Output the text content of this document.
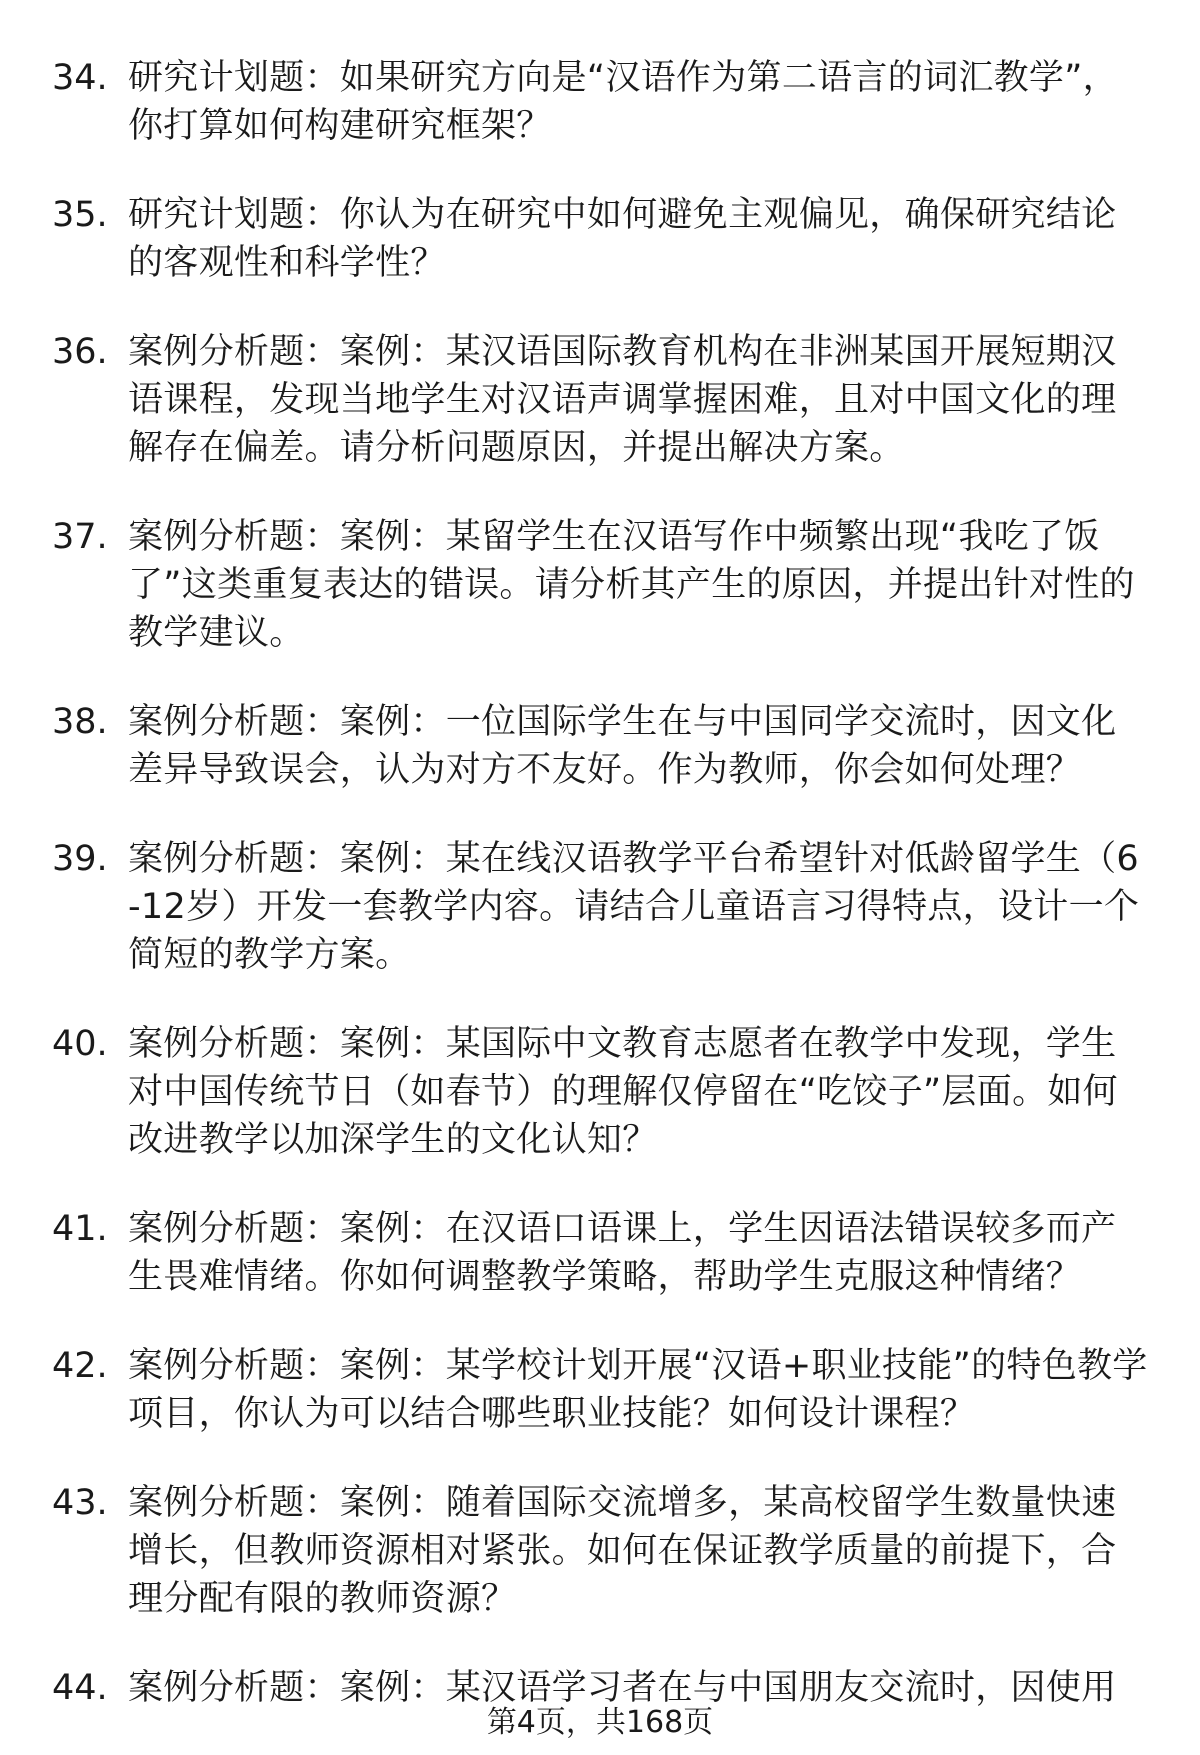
34. 研究计划题：如果研究方向是“汉语作为第二语言的词汇教学”，你打算如何构建研究框架？
35. 研究计划题：你认为在研究中如何避免主观偏见，确保研究结论的客观性和科学性？
36. 案例分析题：案例：某汉语国际教育机构在非洲某国开展短期汉语课程，发现当地学生对汉语声调掌握困难，且对中国文化的理解存在偏差。请分析问题原因，并提出解决方案。
37. 案例分析题：案例：某留学生在汉语写作中频繁出现“我吃了饭了”这类重复表达的错误。请分析其产生的原因，并提出针对性的教学建议。
38. 案例分析题：案例：一位国际学生在与中国同学交流时，因文化差异导致误会，认为对方不友好。作为教师，你会如何处理？
39. 案例分析题：案例：某在线汉语教学平台希望针对低龄留学生（6-12岁）开发一套教学内容。请结合儿童语言习得特点，设计一个简短的教学方案。
40. 案例分析题：案例：某国际中文教育志愿者在教学中发现，学生对中国传统节日（如春节）的理解仅停留在“吃饺子”层面。如何改进教学以加深学生的文化认知？
41. 案例分析题：案例：在汉语口语课上，学生因语法错误较多而产生畏难情绪。你如何调整教学策略，帮助学生克服这种情绪？
42. 案例分析题：案例：某学校计划开展“汉语+职业技能”的特色教学项目，你认为可以结合哪些职业技能？如何设计课程？
43. 案例分析题：案例：随着国际交流增多，某高校留学生数量快速增长，但教师资源相对紧张。如何在保证教学质量的前提下，合理分配有限的教师资源？
44. 案例分析题：案例：某汉语学习者在与中国朋友交流时，因使用
第4页，共168页
